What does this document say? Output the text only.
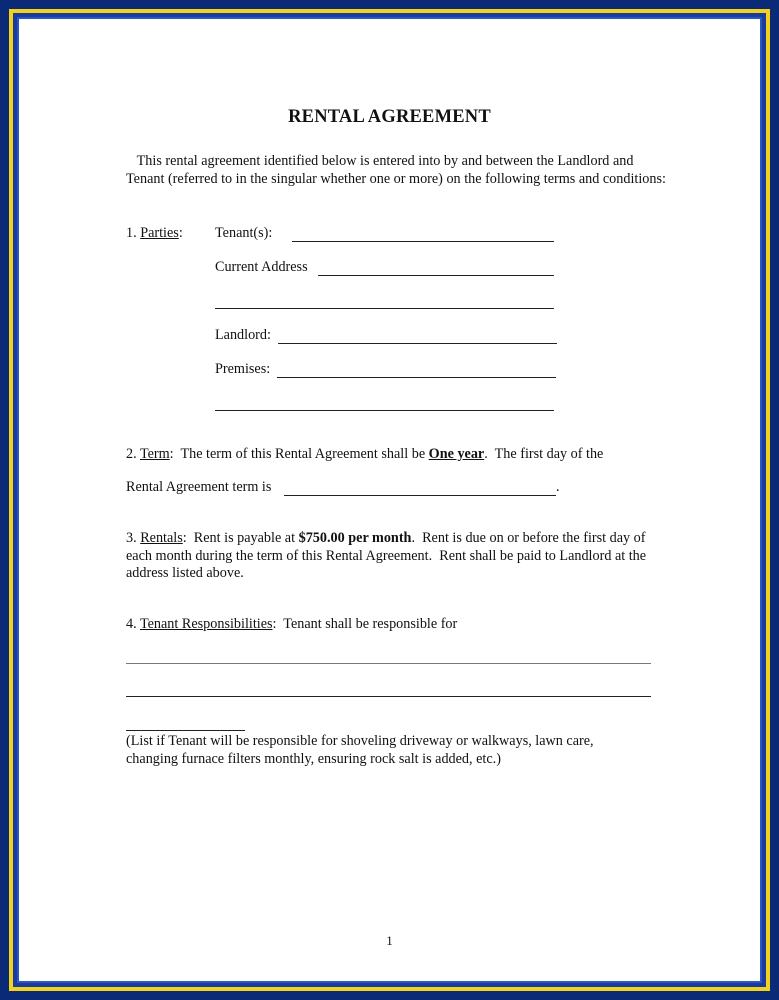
RENTAL AGREEMENT
This rental agreement identified below is entered into by and between the Landlord and Tenant (referred to in the singular whether one or more) on the following terms and conditions:
1. Parties: Tenant(s):
Current Address
Landlord:
Premises:
2. Term:  The term of this Rental Agreement shall be One year.  The first day of the
Rental Agreement term is	.
3. Rentals:  Rent is payable at $750.00 per month.  Rent is due on or before the first day of each month during the term of this Rental Agreement.  Rent shall be paid to Landlord at the address listed above.
4. Tenant Responsibilities:  Tenant shall be responsible for
(List if Tenant will be responsible for shoveling driveway or walkways, lawn care, changing furnace filters monthly, ensuring rock salt is added, etc.)
1
